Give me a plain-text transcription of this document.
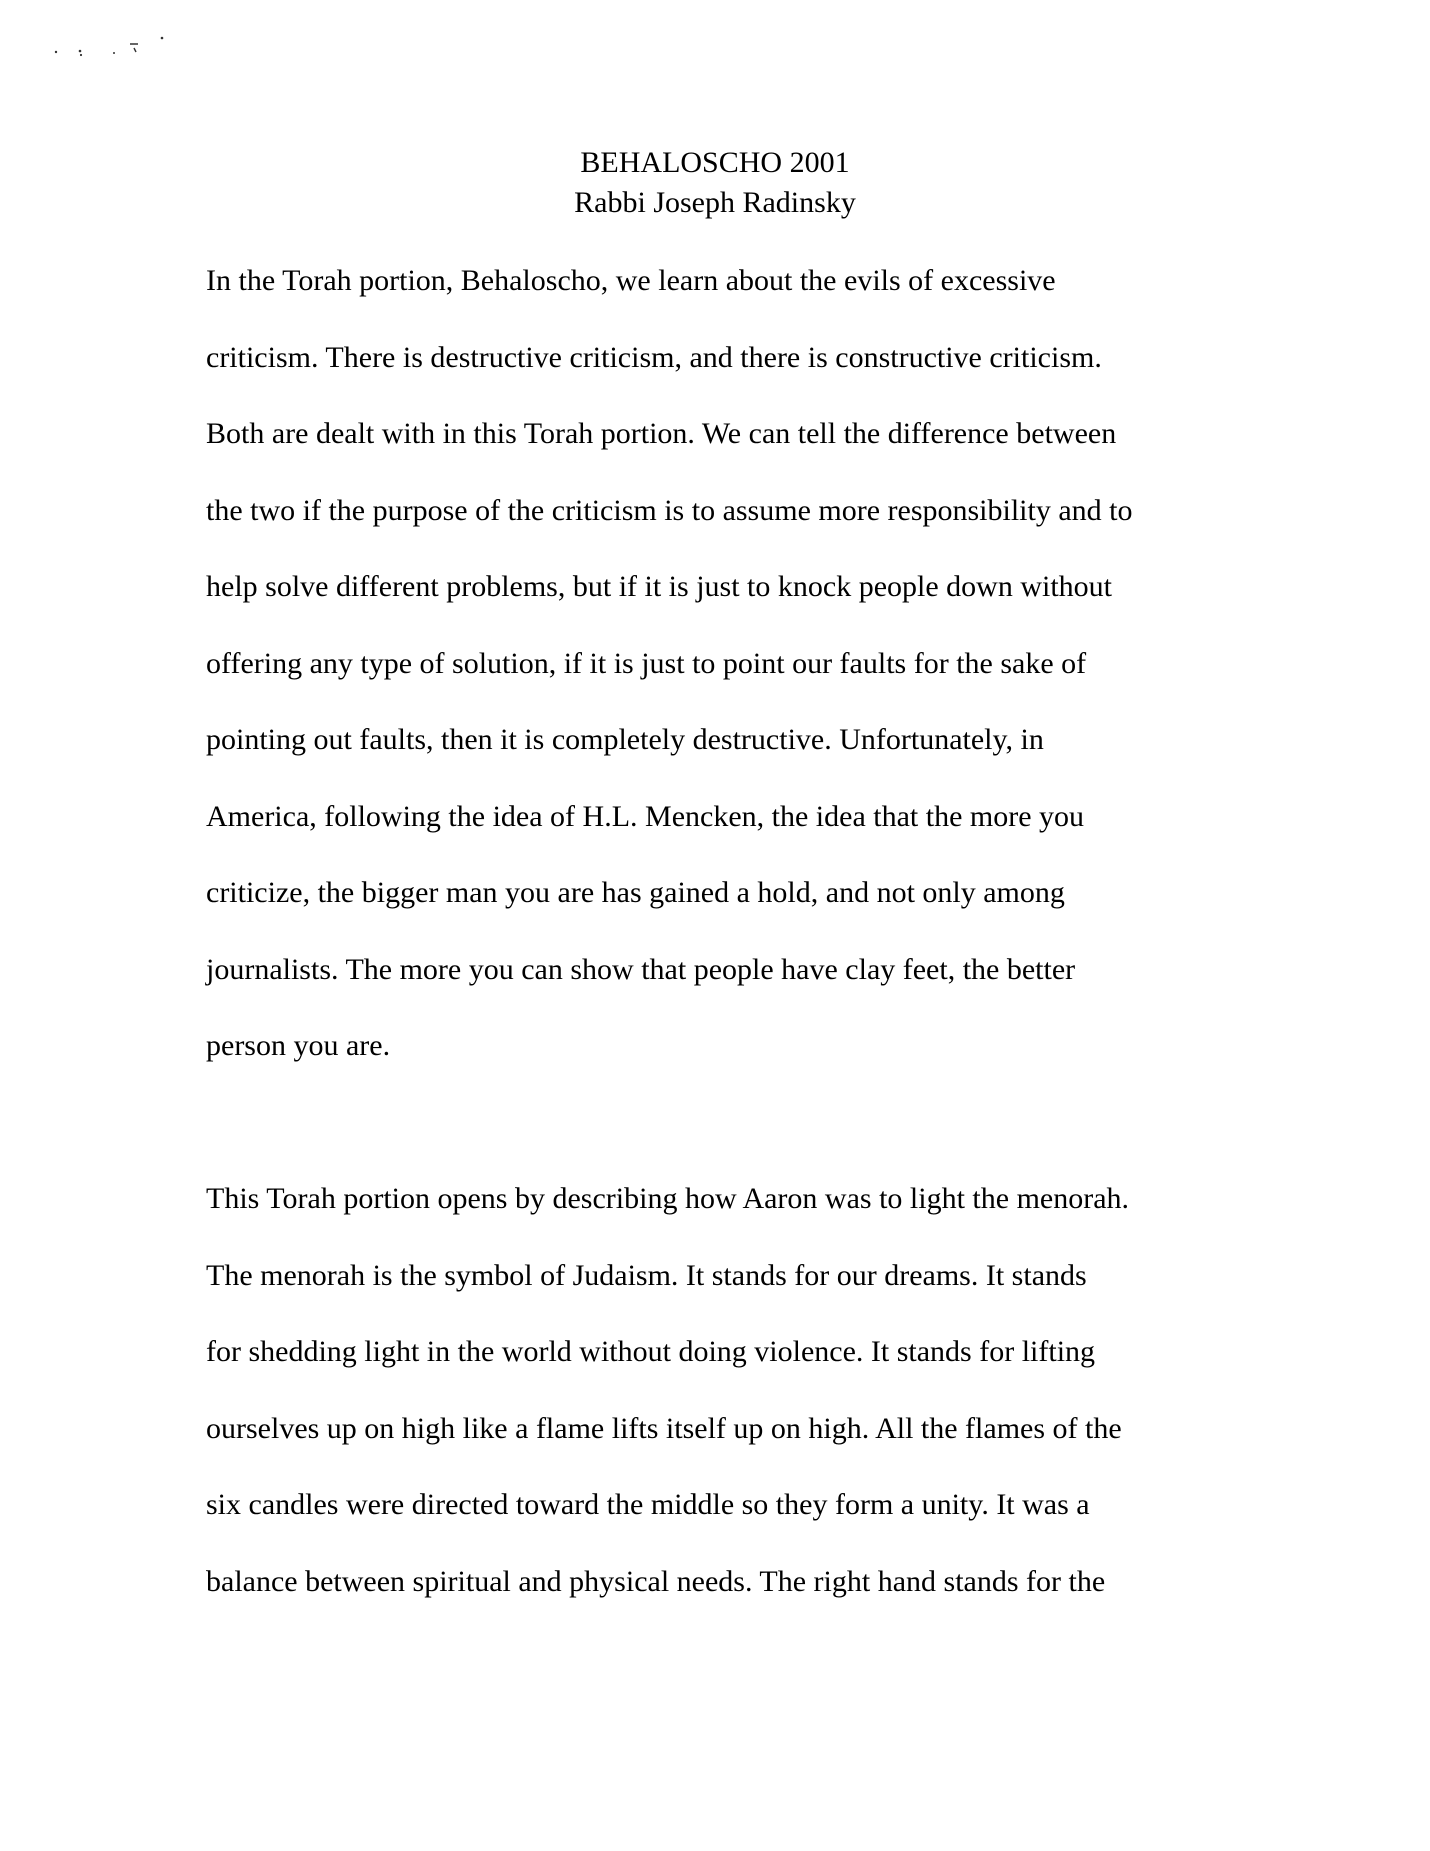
BEHALOSCHO 2001
Rabbi Joseph Radinsky
In the Torah portion, Behaloscho, we learn about the evils of excessive
criticism. There is destructive criticism, and there is constructive criticism.
Both are dealt with in this Torah portion. We can tell the difference between
the two if the purpose of the criticism is to assume more responsibility and to
help solve different problems, but if it is just to knock people down without
offering any type of solution, if it is just to point our faults for the sake of
pointing out faults, then it is completely destructive. Unfortunately, in
America, following the idea of H.L. Mencken, the idea that the more you
criticize, the bigger man you are has gained a hold, and not only among
journalists. The more you can show that people have clay feet, the better
person you are.
This Torah portion opens by describing how Aaron was to light the menorah.
The menorah is the symbol of Judaism. It stands for our dreams. It stands
for shedding light in the world without doing violence. It stands for lifting
ourselves up on high like a flame lifts itself up on high. All the flames of the
six candles were directed toward the middle so they form a unity. It was a
balance between spiritual and physical needs. The right hand stands for the
